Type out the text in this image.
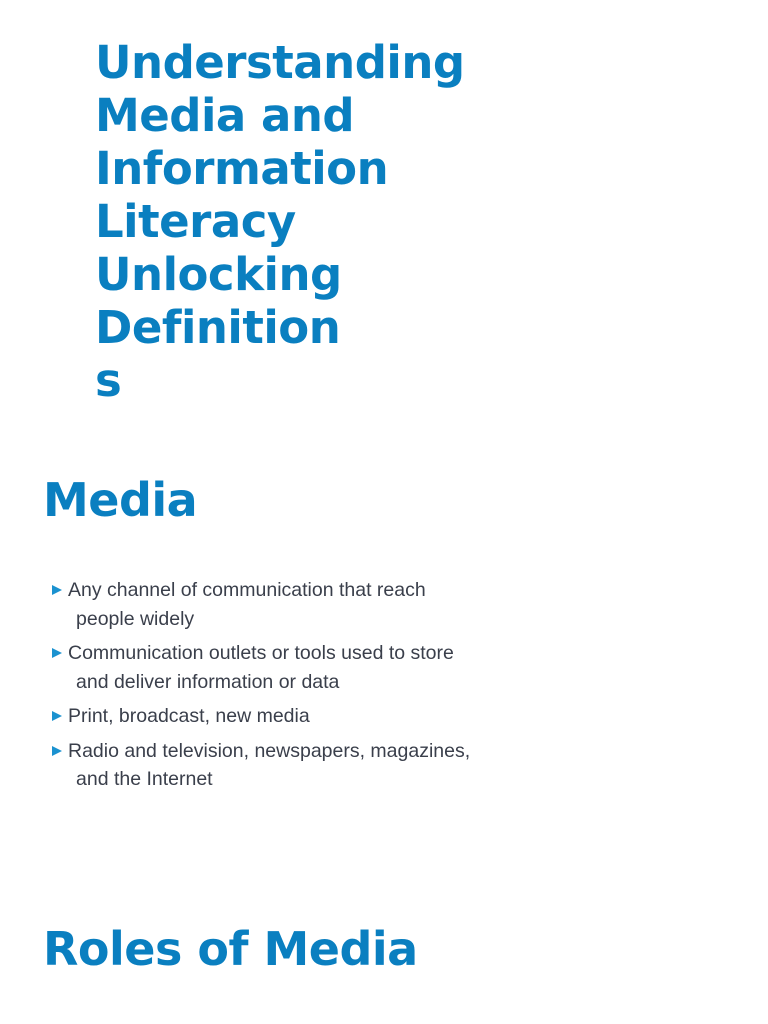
Understanding
Media and
Information
Literacy
Unlocking
Definition
s
Media
Any channel of communication that reach
people widely
Communication outlets or tools used to store
and deliver information or data
Print, broadcast, new media
Radio and television, newspapers, magazines,
and the Internet
Roles of Media
